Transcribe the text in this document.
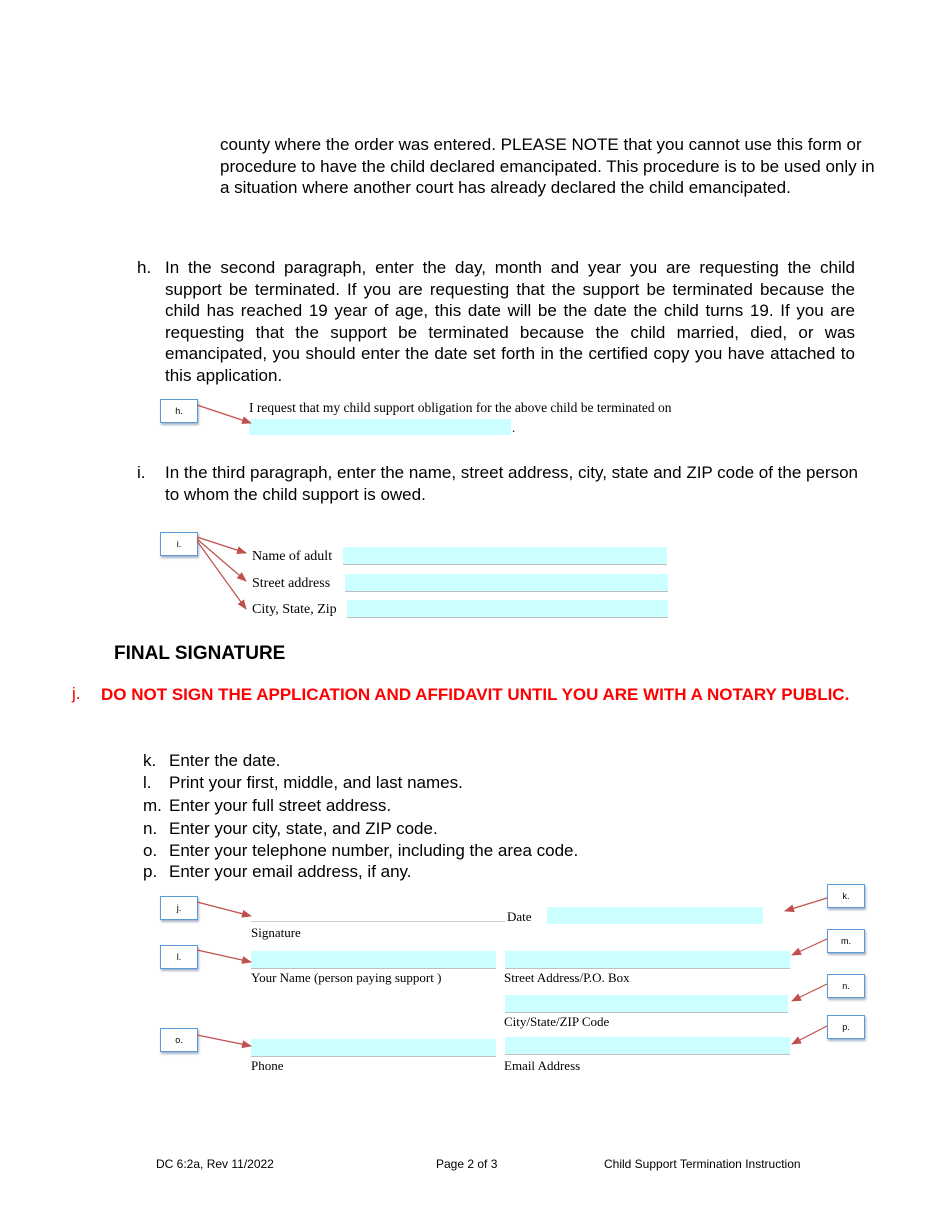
county where the order was entered. PLEASE NOTE that you cannot use this form or procedure to have the child declared emancipated. This procedure is to be used only in a situation where another court has already declared the child emancipated.
h. In the second paragraph, enter the day, month and year you are requesting the child support be terminated. If you are requesting that the support be terminated because the child has reached 19 year of age, this date will be the date the child turns 19. If you are requesting that the support be terminated because the child married, died, or was emancipated, you should enter the date set forth in the certified copy you have attached to this application.
h.	I request that my child support obligation for the above child be terminated on
.
i. In the third paragraph, enter the name, street address, city, state and ZIP code of the person to whom the child support is owed.
i.
Name of adult
Street address
City, State, Zip
FINAL SIGNATURE
j. DO NOT SIGN THE APPLICATION AND AFFIDAVIT UNTIL YOU ARE WITH A NOTARY PUBLIC.
k. Enter the date.
l. Print your first, middle, and last names.
m. Enter your full street address.
n. Enter your city, state, and ZIP code.
o. Enter your telephone number, including the area code.
p. Enter your email address, if any.
j.
k.
l.
m.
n.
o.
p.
Signature
Date
Your Name (person paying support )	Street Address/P.O. Box
City/State/ZIP Code
Phone	Email Address
DC 6:2a, Rev 11/2022	Page 2 of 3	Child Support Termination Instruction
